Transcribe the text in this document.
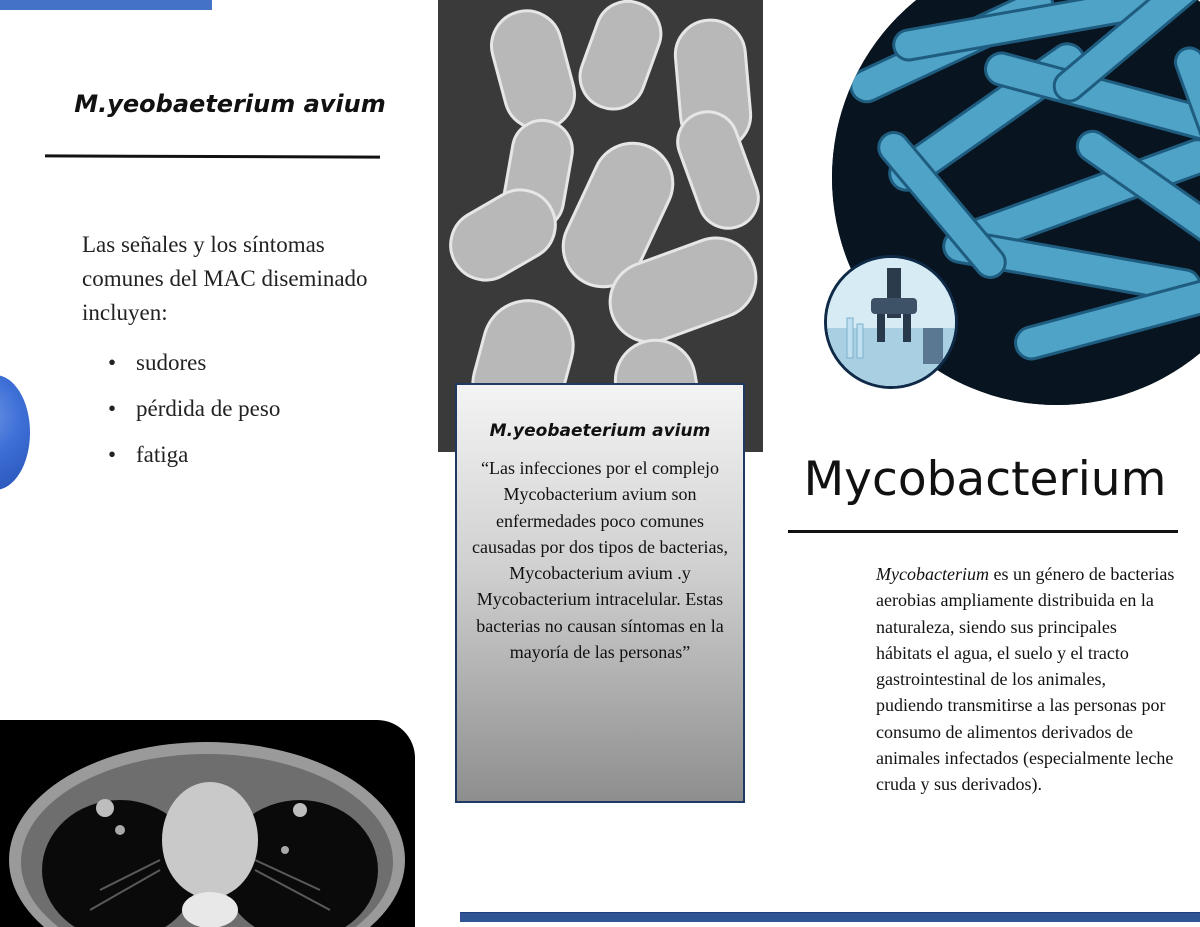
M.yeobaeterium avium
Las señales y los síntomas comunes del MAC diseminado incluyen:
• sudores
• pérdida de peso
• fatiga
M.yeobaeterium avium
“Las infecciones por el complejo Mycobacterium avium son enfermedades poco comunes causadas por dos tipos de bacterias, Mycobacterium avium .y Mycobacterium intracelular. Estas bacterias no causan síntomas en la mayoría de las personas”
Mycobacterium
Mycobacterium es un género de bacterias aerobias ampliamente distribuida en la naturaleza, siendo sus principales hábitats el agua, el suelo y el tracto gastrointestinal de los animales, pudiendo transmitirse a las personas por consumo de alimentos derivados de animales infectados (especialmente leche cruda y sus derivados).
